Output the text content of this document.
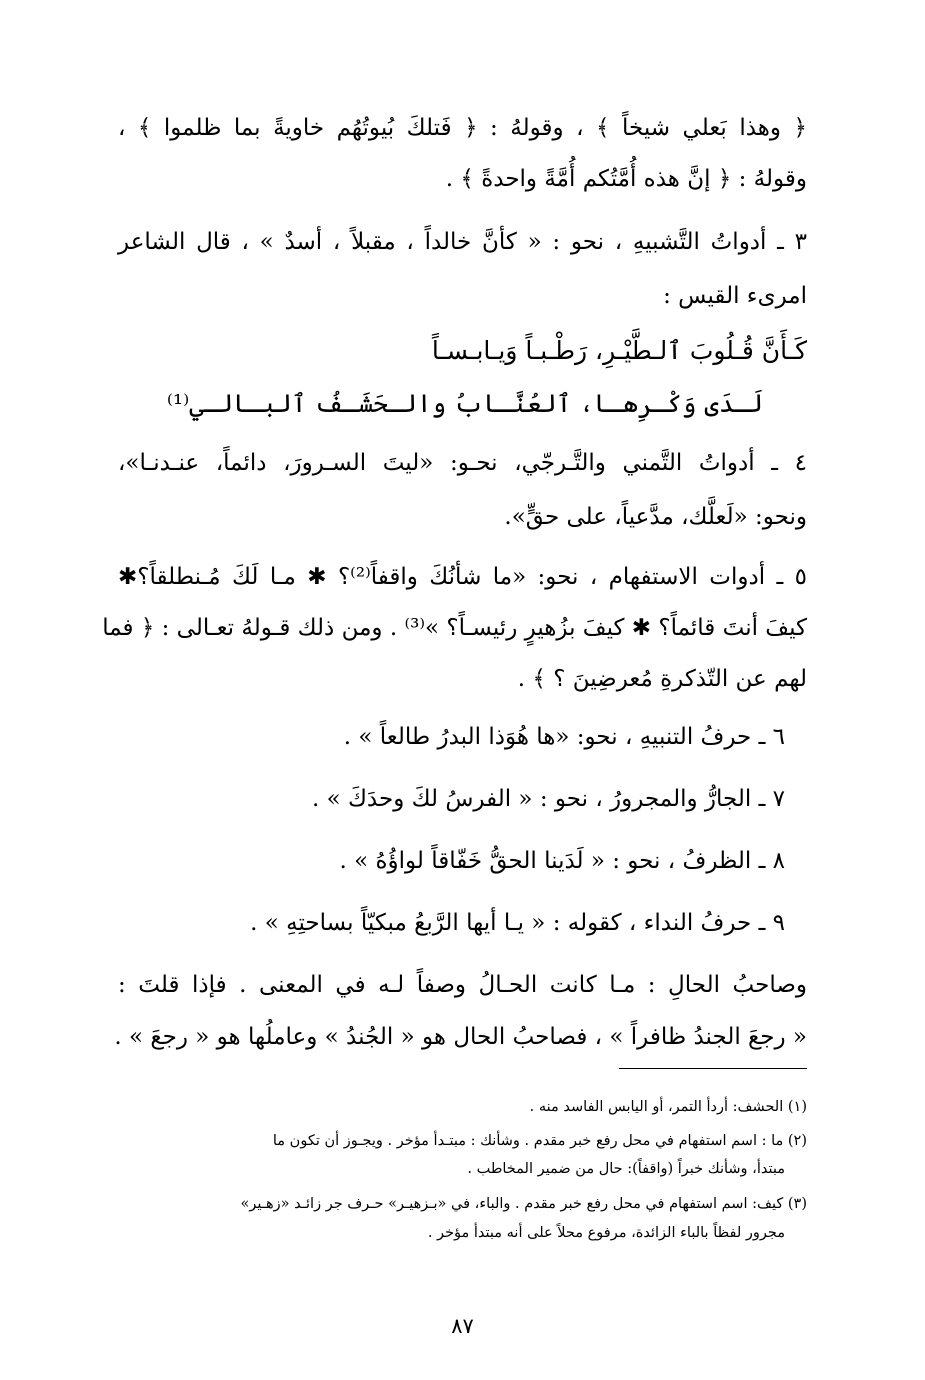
﴿ وهذا بَعلي شيخاً ﴾ ، وقولهُ : ﴿ فَتلكَ بُيوتُهُم خاويةً بما ظلموا ﴾ ،

وقولهُ : ﴿ إنَّ هذه أُمَّتُكم أُمَّةً واحدةً ﴾ .

٣ ـ أدواتُ التَّشبيهِ ، نحو : « كأنَّ خالداً ، مقبلاً ، أسدٌ » ، قال الشاعر

امرىء القيس :

كَـأَنَّ قُـلُوبَ ٱلـطَّيْـرِ، رَطْـبـاً وَيـابـسـاً
لَـدَى وَكْـرِهـا، ٱلعُنَّـابُ والـحَشَـفُ ٱلبـالـي⁽¹⁾

٤ ـ أدواتُ التَّمني والتَّـرجّي، نحـو: «ليتَ السـرورَ، دائماً، عنـدنـا»،

ونحو: «لَعلَّك، مدَّعياً، على حقٍّ».

٥ ـ أدوات الاستفهام ، نحو: «ما شأنُكَ واقفاً⁽²⁾؟ ✱ مـا لَكَ مُـنطلقاً؟✱

كيفَ أنتَ قائماً؟ ✱ كيفَ بزُهيرٍ رئيسـاً؟ »⁽³⁾ . ومن ذلك قـولهُ تعـالى : ﴿ فما

لهم عن التّذكرةِ مُعرضِينَ ؟ ﴾ .

٦ ـ حرفُ التنبيهِ ، نحو: «ها هُوَذا البدرُ طالعاً » .

٧ ـ الجارُّ والمجرورُ ، نحو : « الفرسُ لكَ وحدَكَ » .

٨ ـ الظرفُ ، نحو : « لَدَينا الحقُّ خَفّاقاً لواؤُهُ » .

٩ ـ حرفُ النداء ، كقوله : « يـا أيها الرَّبعُ مبكيّاً بساحتِهِ » .

وصاحبُ الحالِ : مـا كانت الحـالُ وصفاً لـه في المعنى . فإذا قلتَ :

« رجعَ الجندُ ظافراً » ، فصاحبُ الحال هو « الجُندُ » وعاملُها هو « رجعَ » .

(١) الحشف: أردأ التمر، أو اليابس الفاسد منه .
(٢) ما : اسم استفهام في محل رفع خبر مقدم . وشأنك : مبتـدأ مؤخر . ويجـوز أن تكون ما
مبتدأ، وشأنك خبراً (واقفاً): حال من ضمير المخاطب .
(٣) كيف: اسم استفهام في محل رفع خبر مقدم . والباء، في «بـزهيـر» حـرف جر زائـد «زهـير»
مجرور لفظاً بالباء الزائدة، مرفوع محلاً على أنه مبتدأ مؤخر .
٨٧
